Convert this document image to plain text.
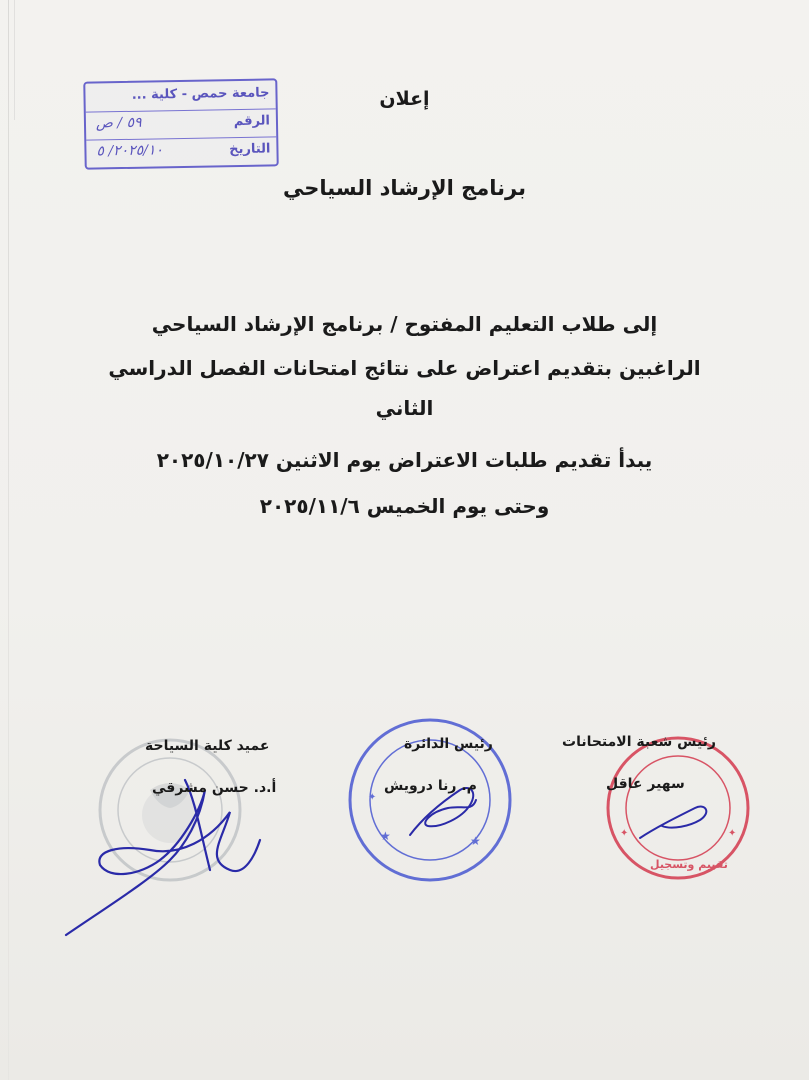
جامعة حمص - كلية ...
الرقم
٥٩ / ص
التاريخ
٢٠٢٥/١٠/ ٥
إعلان
برنامج الإرشاد السياحي
إلى طلاب التعليم المفتوح / برنامج الإرشاد السياحي
الراغبين بتقديم اعتراض على نتائج امتحانات الفصل الدراسي
الثاني
يبدأ تقديم طلبات الاعتراض يوم الاثنين ٢٠٢٥/١٠/٢٧
وحتى يوم الخميس ٢٠٢٥/١١/٦
★	★
✦
تقييم وتسجيل
✦	✦
عميد كلية السياحة
أ.د. حسن مشرقي
رئيس الدائرة
م. رنا درويش
رئيس شعبة الامتحانات
سهير عاقل
